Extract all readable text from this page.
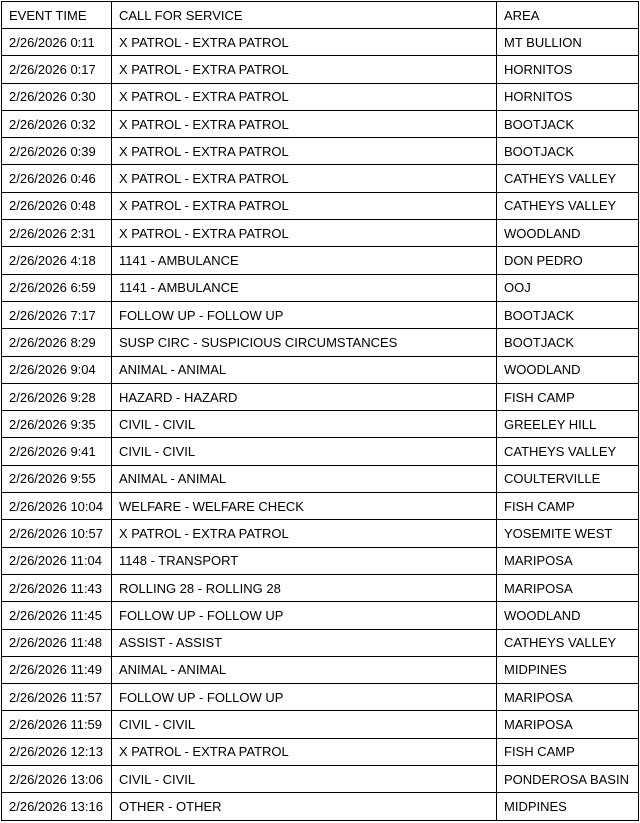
EVENT TIME	CALL FOR SERVICE	AREA
2/26/2026 0:11	X PATROL - EXTRA PATROL	MT BULLION
2/26/2026 0:17	X PATROL - EXTRA PATROL	HORNITOS
2/26/2026 0:30	X PATROL - EXTRA PATROL	HORNITOS
2/26/2026 0:32	X PATROL - EXTRA PATROL	BOOTJACK
2/26/2026 0:39	X PATROL - EXTRA PATROL	BOOTJACK
2/26/2026 0:46	X PATROL - EXTRA PATROL	CATHEYS VALLEY
2/26/2026 0:48	X PATROL - EXTRA PATROL	CATHEYS VALLEY
2/26/2026 2:31	X PATROL - EXTRA PATROL	WOODLAND
2/26/2026 4:18	1141 - AMBULANCE	DON PEDRO
2/26/2026 6:59	1141 - AMBULANCE	OOJ
2/26/2026 7:17	FOLLOW UP - FOLLOW UP	BOOTJACK
2/26/2026 8:29	SUSP CIRC - SUSPICIOUS CIRCUMSTANCES	BOOTJACK
2/26/2026 9:04	ANIMAL - ANIMAL	WOODLAND
2/26/2026 9:28	HAZARD - HAZARD	FISH CAMP
2/26/2026 9:35	CIVIL - CIVIL	GREELEY HILL
2/26/2026 9:41	CIVIL - CIVIL	CATHEYS VALLEY
2/26/2026 9:55	ANIMAL - ANIMAL	COULTERVILLE
2/26/2026 10:04	WELFARE - WELFARE CHECK	FISH CAMP
2/26/2026 10:57	X PATROL - EXTRA PATROL	YOSEMITE WEST
2/26/2026 11:04	1148 - TRANSPORT	MARIPOSA
2/26/2026 11:43	ROLLING 28 - ROLLING 28	MARIPOSA
2/26/2026 11:45	FOLLOW UP - FOLLOW UP	WOODLAND
2/26/2026 11:48	ASSIST - ASSIST	CATHEYS VALLEY
2/26/2026 11:49	ANIMAL - ANIMAL	MIDPINES
2/26/2026 11:57	FOLLOW UP - FOLLOW UP	MARIPOSA
2/26/2026 11:59	CIVIL - CIVIL	MARIPOSA
2/26/2026 12:13	X PATROL - EXTRA PATROL	FISH CAMP
2/26/2026 13:06	CIVIL - CIVIL	PONDEROSA BASIN
2/26/2026 13:16	OTHER - OTHER	MIDPINES
